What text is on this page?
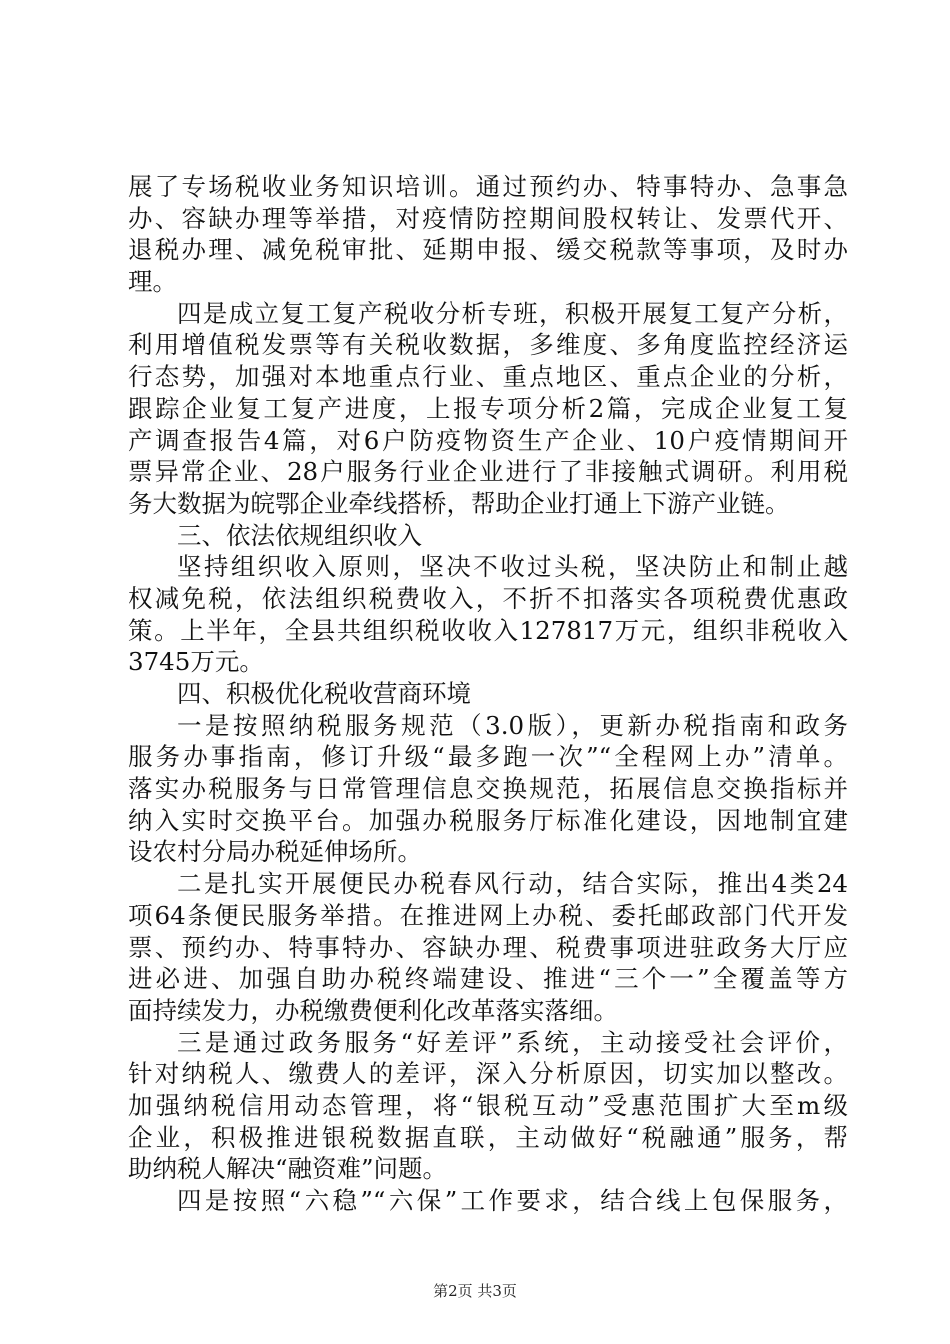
展了专场税收业务知识培训。通过预约办、特事特办、急事急
办、容缺办理等举措，对疫情防控期间股权转让、发票代开、
退税办理、减免税审批、延期申报、缓交税款等事项，及时办
理。
四是成立复工复产税收分析专班，积极开展复工复产分析，
利用增值税发票等有关税收数据，多维度、多角度监控经济运
行态势，加强对本地重点行业、重点地区、重点企业的分析，
跟踪企业复工复产进度，上报专项分析2篇，完成企业复工复
产调查报告4篇，对6户防疫物资生产企业、10户疫情期间开
票异常企业、28户服务行业企业进行了非接触式调研。利用税
务大数据为皖鄂企业牵线搭桥，帮助企业打通上下游产业链。
三、依法依规组织收入
坚持组织收入原则，坚决不收过头税，坚决防止和制止越
权减免税，依法组织税费收入，不折不扣落实各项税费优惠政
策。上半年，全县共组织税收收入127817万元，组织非税收入
3745万元。
四、积极优化税收营商环境
一是按照纳税服务规范（3.0版），更新办税指南和政务
服务办事指南，修订升级“最多跑一次”“全程网上办”清单。
落实办税服务与日常管理信息交换规范，拓展信息交换指标并
纳入实时交换平台。加强办税服务厅标准化建设，因地制宜建
设农村分局办税延伸场所。
二是扎实开展便民办税春风行动，结合实际，推出4类24
项64条便民服务举措。在推进网上办税、委托邮政部门代开发
票、预约办、特事特办、容缺办理、税费事项进驻政务大厅应
进必进、加强自助办税终端建设、推进“三个一”全覆盖等方
面持续发力，办税缴费便利化改革落实落细。
三是通过政务服务“好差评”系统，主动接受社会评价，
针对纳税人、缴费人的差评，深入分析原因，切实加以整改。
加强纳税信用动态管理，将“银税互动”受惠范围扩大至m级
企业，积极推进银税数据直联，主动做好“税融通”服务，帮
助纳税人解决“融资难”问题。
四是按照“六稳”“六保”工作要求，结合线上包保服务，
第2页 共3页
